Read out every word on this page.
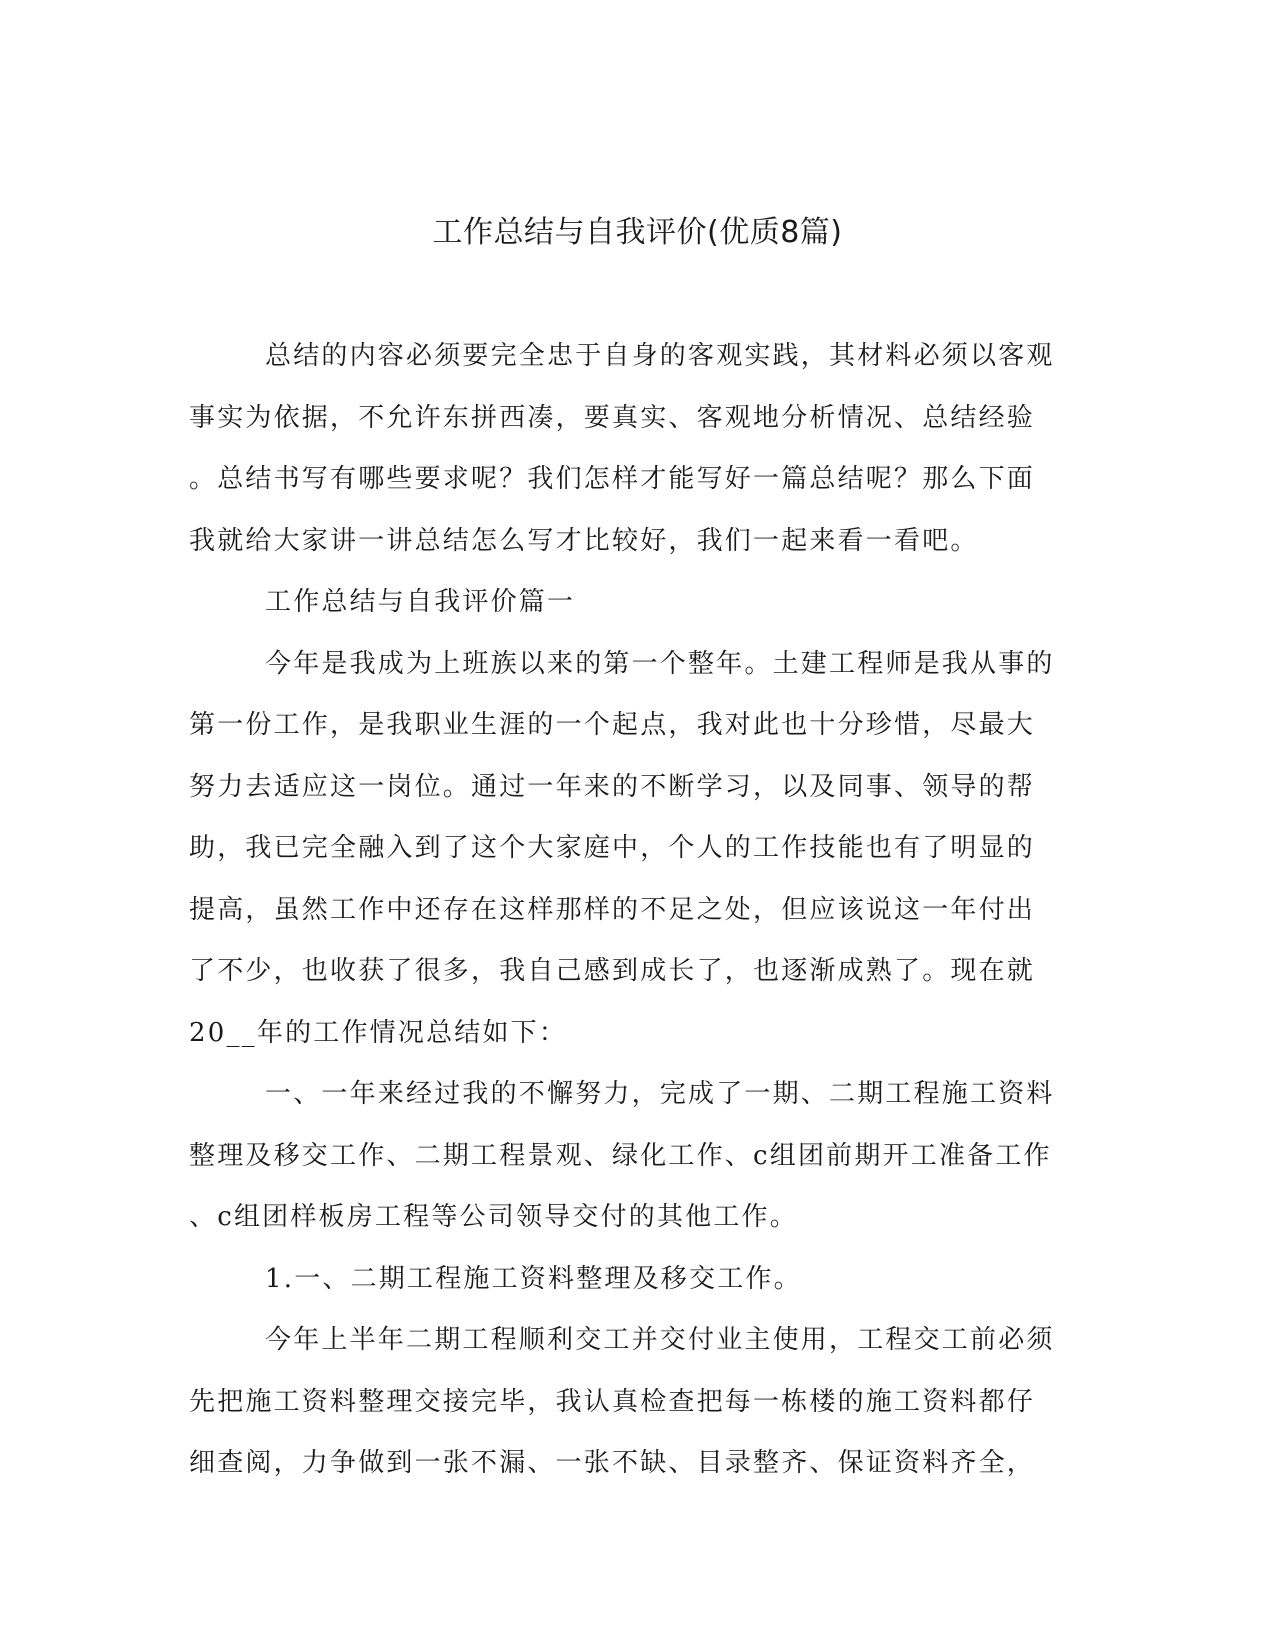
工作总结与自我评价(优质8篇)

总结的内容必须要完全忠于自身的客观实践，其材料必须以客观
事实为依据，不允许东拼西凑，要真实、客观地分析情况、总结经验
。总结书写有哪些要求呢？我们怎样才能写好一篇总结呢？那么下面
我就给大家讲一讲总结怎么写才比较好，我们一起来看一看吧。

工作总结与自我评价篇一

今年是我成为上班族以来的第一个整年。土建工程师是我从事的
第一份工作，是我职业生涯的一个起点，我对此也十分珍惜，尽最大
努力去适应这一岗位。通过一年来的不断学习，以及同事、领导的帮
助，我已完全融入到了这个大家庭中，个人的工作技能也有了明显的
提高，虽然工作中还存在这样那样的不足之处，但应该说这一年付出
了不少，也收获了很多，我自己感到成长了，也逐渐成熟了。现在就
20__年的工作情况总结如下：

一、一年来经过我的不懈努力，完成了一期、二期工程施工资料
整理及移交工作、二期工程景观、绿化工作、c组团前期开工准备工作
、c组团样板房工程等公司领导交付的其他工作。

1.一、二期工程施工资料整理及移交工作。

今年上半年二期工程顺利交工并交付业主使用，工程交工前必须
先把施工资料整理交接完毕，我认真检查把每一栋楼的施工资料都仔
细查阅，力争做到一张不漏、一张不缺、目录整齐、保证资料齐全，
